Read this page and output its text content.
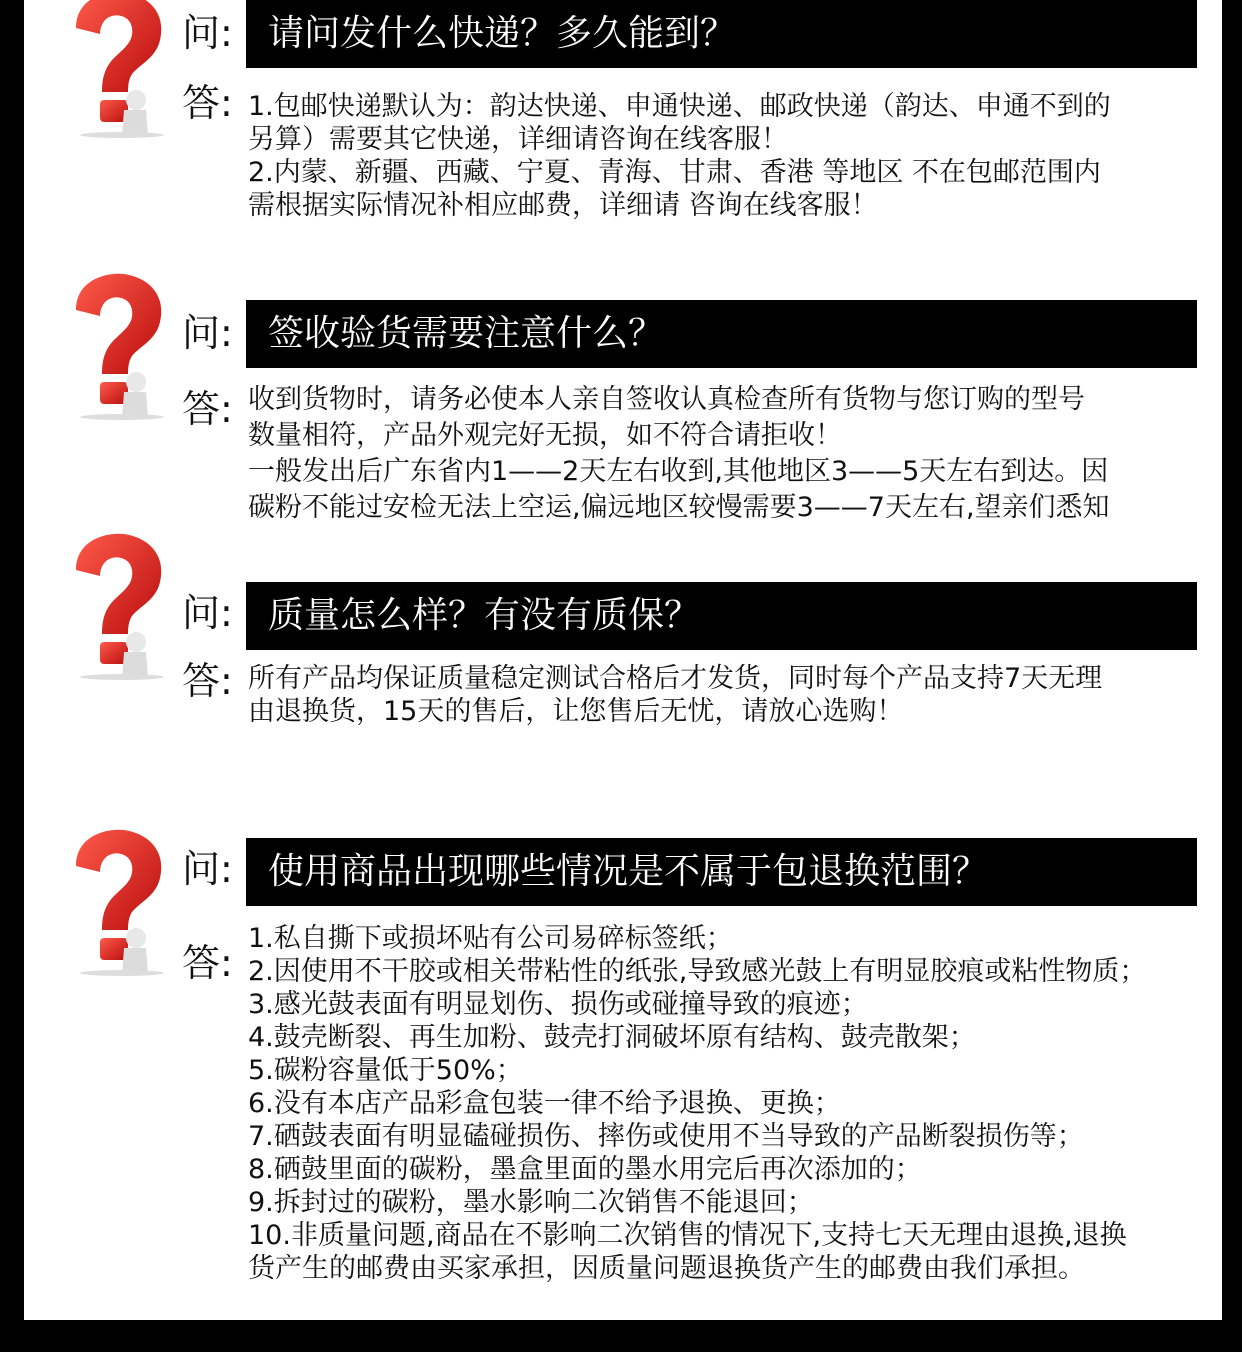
问: 请问发什么快递？多久能到？
答: 1.包邮快递默认为：韵达快递、申通快递、邮政快递（韵达、申通不到的

另算）需要其它快递，详细请咨询在线客服！

2.内蒙、新疆、西藏、宁夏、青海、甘肃、香港 等地区 不在包邮范围内

需根据实际情况补相应邮费，详细请 咨询在线客服！

问: 签收验货需要注意什么？
答: 收到货物时，请务必使本人亲自签收认真检查所有货物与您订购的型号

数量相符，产品外观完好无损，如不符合请拒收！

一般发出后广东省内1——2天左右收到,其他地区3——5天左右到达。因

碳粉不能过安检无法上空运,偏远地区较慢需要3——7天左右,望亲们悉知

问: 质量怎么样？有没有质保？
答: 所有产品均保证质量稳定测试合格后才发货，同时每个产品支持7天无理

由退换货，15天的售后，让您售后无忧，请放心选购！

问: 使用商品出现哪些情况是不属于包退换范围？
答:

1.私自撕下或损坏贴有公司易碎标签纸；

2.因使用不干胶或相关带粘性的纸张,导致感光鼓上有明显胶痕或粘性物质；

3.感光鼓表面有明显划伤、损伤或碰撞导致的痕迹；

4.鼓壳断裂、再生加粉、鼓壳打洞破坏原有结构、鼓壳散架；

5.碳粉容量低于50%；

6.没有本店产品彩盒包装一律不给予退换、更换；

7.硒鼓表面有明显磕碰损伤、摔伤或使用不当导致的产品断裂损伤等；

8.硒鼓里面的碳粉，墨盒里面的墨水用完后再次添加的；

9.拆封过的碳粉，墨水影响二次销售不能退回；

10.非质量问题,商品在不影响二次销售的情况下,支持七天无理由退换,退换

货产生的邮费由买家承担，因质量问题退换货产生的邮费由我们承担。
